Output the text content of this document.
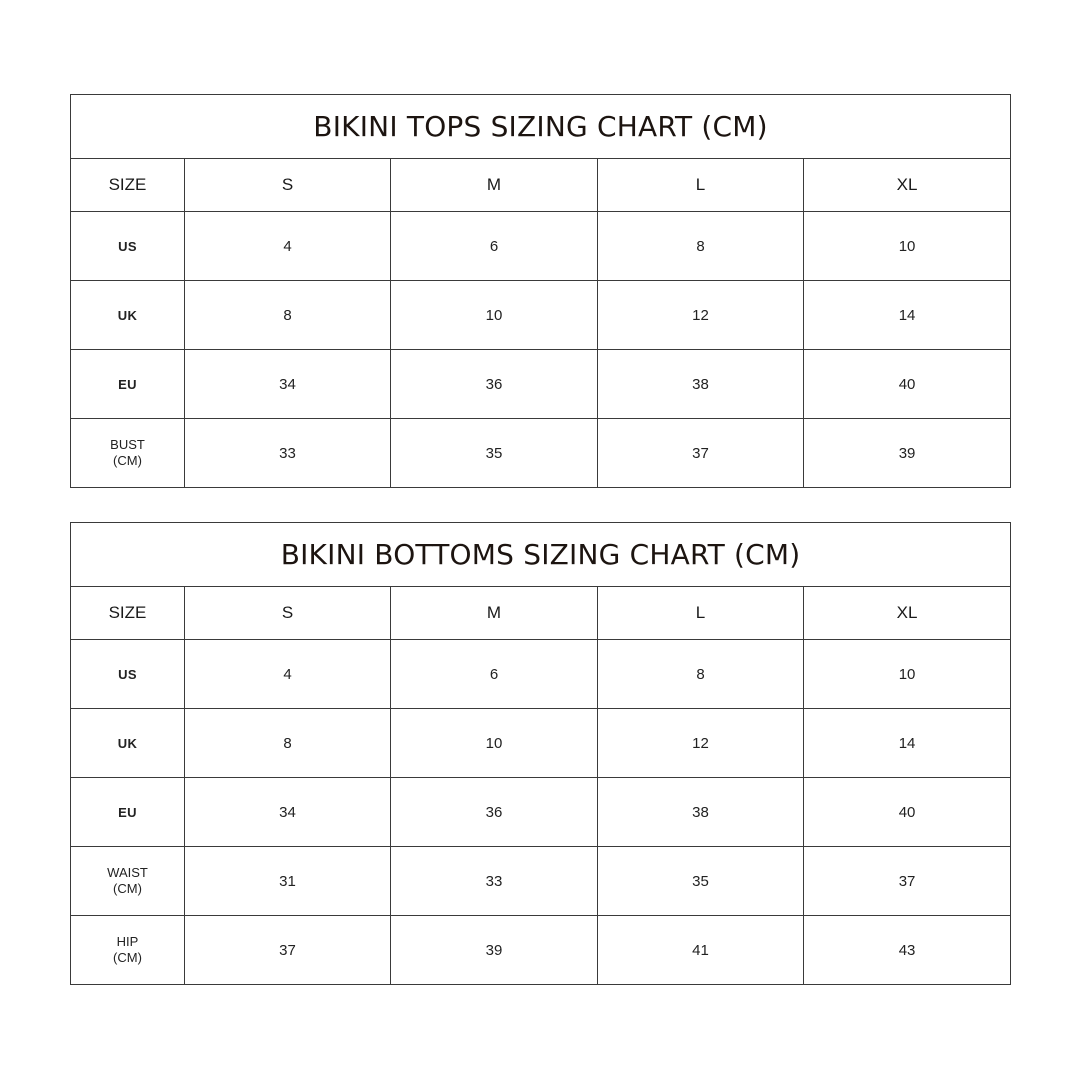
BIKINI TOPS SIZING CHART (CM)				
SIZE	S	M	L	XL
US	4	6	8	10
UK	8	10	12	14
EU	34	36	38	40

BUST
(CM)	33	35	37	39
BIKINI BOTTOMS SIZING CHART (CM)				
SIZE	S	M	L	XL
US	4	6	8	10
UK	8	10	12	14
EU	34	36	38	40

WAIST
(CM)	31	33	35	37

HIP
(CM)	37	39	41	43
